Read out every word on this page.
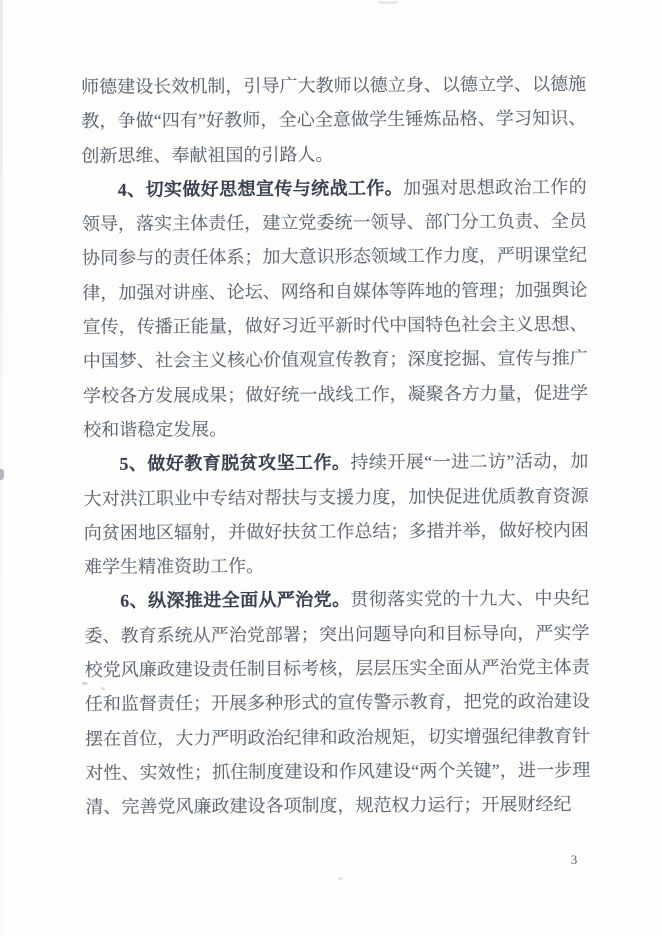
师德建设长效机制，引导广大教师以德立身、以德立学、以德施教，争做“四有”好教师，全心全意做学生锤炼品格、学习知识、创新思维、奉献祖国的引路人。

4、切实做好思想宣传与统战工作。加强对思想政治工作的领导，落实主体责任，建立党委统一领导、部门分工负责、全员协同参与的责任体系；加大意识形态领域工作力度，严明课堂纪律，加强对讲座、论坛、网络和自媒体等阵地的管理；加强舆论宣传，传播正能量，做好习近平新时代中国特色社会主义思想、中国梦、社会主义核心价值观宣传教育；深度挖掘、宣传与推广学校各方发展成果；做好统一战线工作，凝聚各方力量，促进学校和谐稳定发展。

5、做好教育脱贫攻坚工作。持续开展“一进二访”活动，加大对洪江职业中专结对帮扶与支援力度，加快促进优质教育资源向贫困地区辐射，并做好扶贫工作总结；多措并举，做好校内困难学生精准资助工作。

6、纵深推进全面从严治党。贯彻落实党的十九大、中央纪委、教育系统从严治党部署；突出问题导向和目标导向，严实学校党风廉政建设责任制目标考核，层层压实全面从严治党主体责任和监督责任；开展多种形式的宣传警示教育，把党的政治建设摆在首位，大力严明政治纪律和政治规矩，切实增强纪律教育针对性、实效性；抓住制度建设和作风建设“两个关键”，进一步理清、完善党风廉政建设各项制度，规范权力运行；开展财经纪

3
